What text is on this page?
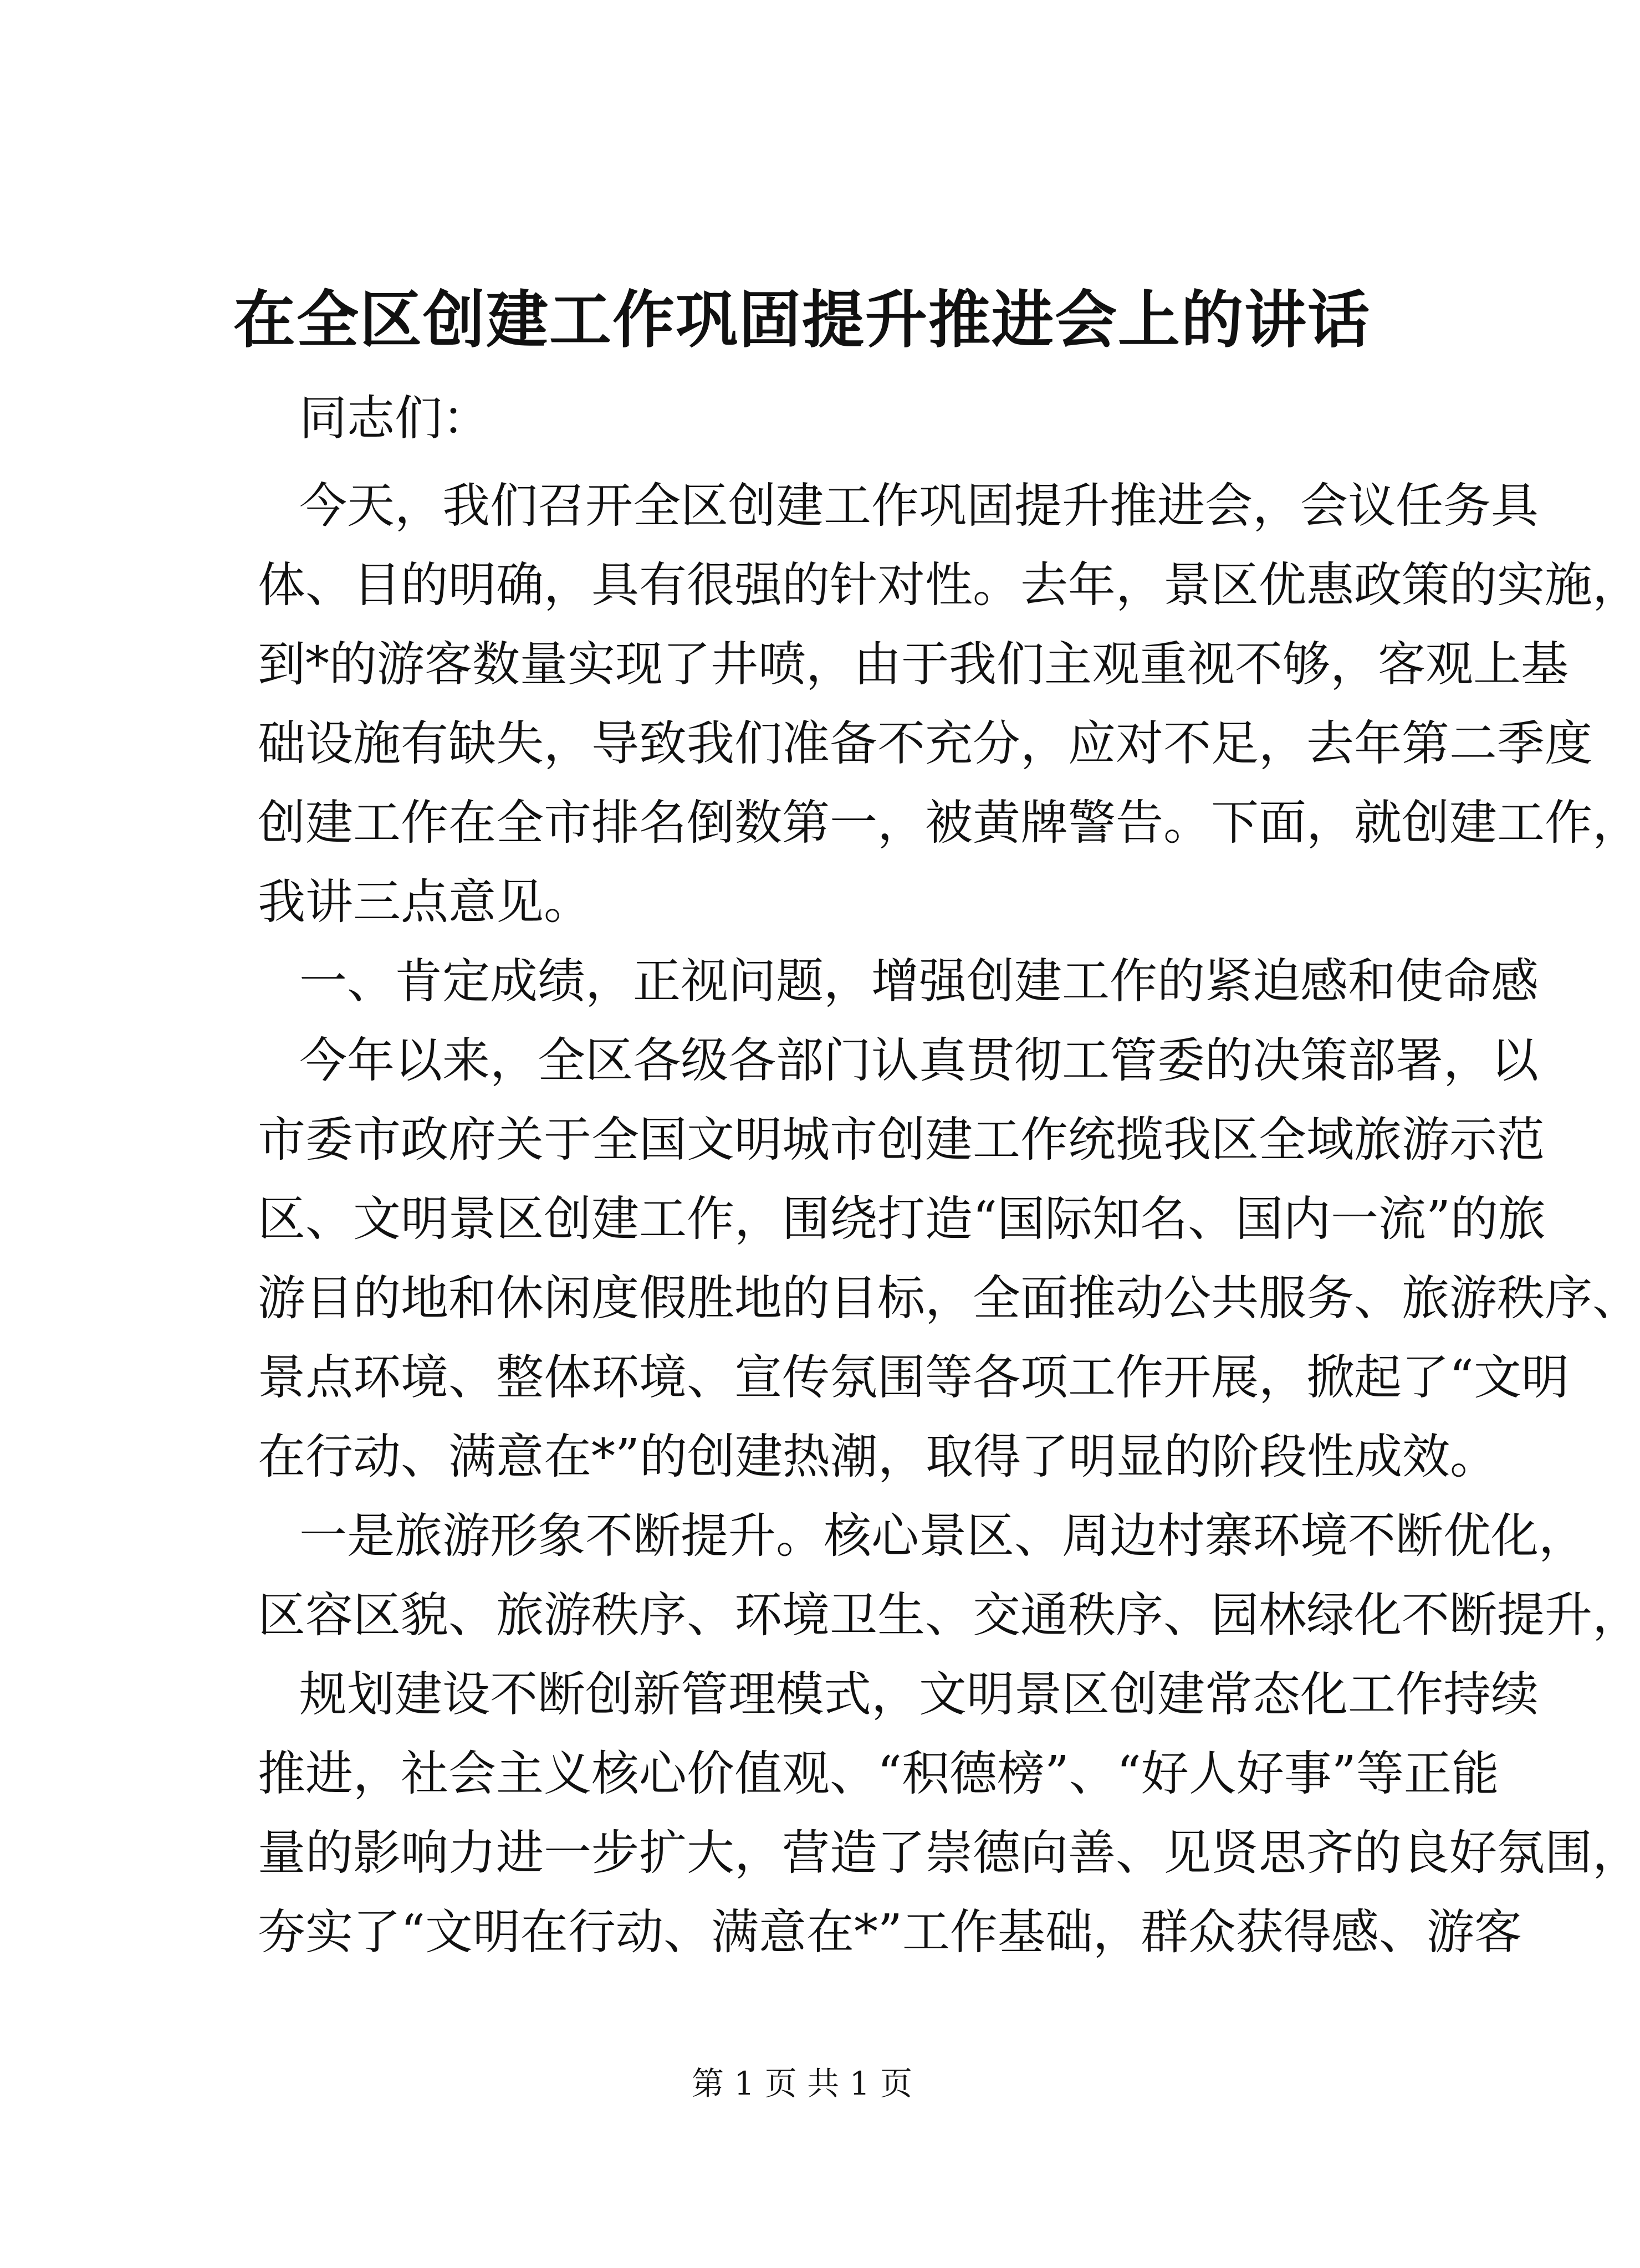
在全区创建工作巩固提升推进会上的讲话
同志们：
今天，我们召开全区创建工作巩固提升推进会，会议任务具
体、目的明确，具有很强的针对性。去年，景区优惠政策的实施，
到*的游客数量实现了井喷，由于我们主观重视不够，客观上基
础设施有缺失，导致我们准备不充分，应对不足，去年第二季度
创建工作在全市排名倒数第一，被黄牌警告。下面，就创建工作，
我讲三点意见。
一、肯定成绩，正视问题，增强创建工作的紧迫感和使命感
今年以来，全区各级各部门认真贯彻工管委的决策部署，以
市委市政府关于全国文明城市创建工作统揽我区全域旅游示范
区、文明景区创建工作，围绕打造“国际知名、国内一流”的旅
游目的地和休闲度假胜地的目标，全面推动公共服务、旅游秩序、
景点环境、整体环境、宣传氛围等各项工作开展，掀起了“文明
在行动、满意在*”的创建热潮，取得了明显的阶段性成效。
一是旅游形象不断提升。核心景区、周边村寨环境不断优化，
区容区貌、旅游秩序、环境卫生、交通秩序、园林绿化不断提升，
规划建设不断创新管理模式，文明景区创建常态化工作持续
推进，社会主义核心价值观、“积德榜”、“好人好事”等正能
量的影响力进一步扩大，营造了崇德向善、见贤思齐的良好氛围，
夯实了“文明在行动、满意在*”工作基础，群众获得感、游客
第 1 页 共 1 页
